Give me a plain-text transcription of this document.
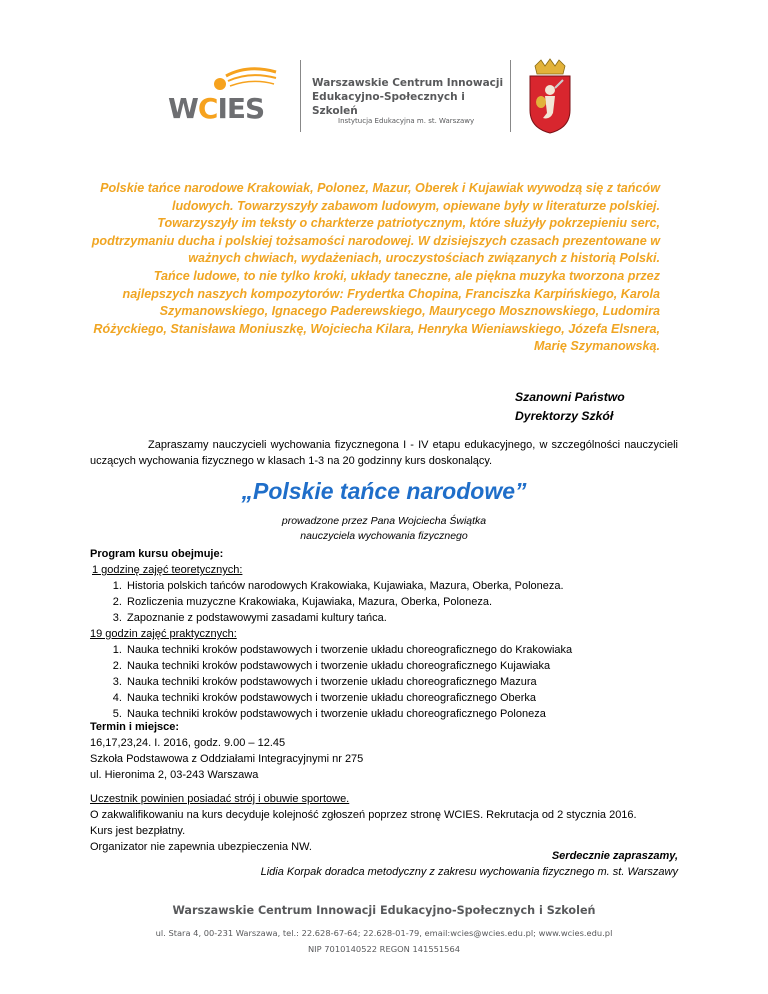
WCIES
Warszawskie Centrum Innowacji
Edukacyjno-Społecznych i Szkoleń
Instytucja Edukacyjna m. st. Warszawy

Polskie tańce narodowe Krakowiak, Polonez, Mazur, Oberek i Kujawiak wywodzą się z tańców ludowych. Towarzyszyły zabawom ludowym, opiewane były w literaturze polskiej. Towarzyszyły im teksty o charkterze patriotycznym, które służyły pokrzepieniu serc, podtrzymaniu ducha i polskiej tożsamości narodowej. W dzisiejszych czasach prezentowane w ważnych chwiach, wydażeniach, uroczystościach związanych z historią Polski.

Tańce ludowe, to nie tylko kroki, układy taneczne, ale piękna muzyka tworzona przez najlepszych naszych kompozytorów: Frydertka Chopina, Franciszka Karpińskiego, Karola Szymanowskiego, Ignacego Paderewskiego, Maurycego Mosznowskiego, Ludomira Różyckiego, Stanisława Moniuszkę, Wojciecha Kilara, Henryka Wieniawskiego, Józefa Elsnera, Marię Szymanowską.

Szanowni Państwo
Dyrektorzy Szkół
Zapraszamy nauczycieli wychowania fizycznegona I - IV etapu edukacyjnego, w szczególności nauczycieli uczących wychowania fizycznego w klasach 1-3 na 20 godzinny kurs doskonalący.
„Polskie tańce narodowe”
prowadzone przez Pana Wojciecha Świątka
nauczyciela wychowania fizycznego
Program kursu obejmuje:
1 godzinę zajęć teoretycznych:
1. Historia polskich tańców narodowych Krakowiaka, Kujawiaka, Mazura, Oberka, Poloneza.
2. Rozliczenia muzyczne Krakowiaka, Kujawiaka, Mazura, Oberka, Poloneza.
3. Zapoznanie z podstawowymi zasadami kultury tańca.
19 godzin zajęć praktycznych:
1. Nauka techniki kroków podstawowych i tworzenie układu choreograficznego do Krakowiaka
2. Nauka techniki kroków podstawowych i tworzenie układu choreograficznego Kujawiaka
3. Nauka techniki kroków podstawowych i tworzenie układu choreograficznego Mazura
4. Nauka techniki kroków podstawowych i tworzenie układu choreograficznego Oberka
5. Nauka techniki kroków podstawowych i tworzenie układu choreograficznego Poloneza
Termin i miejsce:
16,17,23,24. I. 2016, godz. 9.00 – 12.45
Szkoła Podstawowa z Oddziałami Integracyjnymi nr 275
ul. Hieronima 2, 03-243 Warszawa
Uczestnik powinien posiadać strój i obuwie sportowe.
O zakwalifikowaniu na kurs decyduje kolejność zgłoszeń poprzez stronę WCIES. Rekrutacja od 2 stycznia 2016.
Kurs jest bezpłatny.
Organizator nie zapewnia ubezpieczenia NW.
Serdecznie zapraszamy,
Lidia Korpak doradca metodyczny z zakresu wychowania fizycznego m. st. Warszawy
Warszawskie Centrum Innowacji Edukacyjno-Społecznych i Szkoleń
ul. Stara 4, 00-231 Warszawa, tel.: 22.628-67-64; 22.628-01-79, email:wcies@wcies.edu.pl; www.wcies.edu.pl
NIP 7010140522 REGON 141551564
